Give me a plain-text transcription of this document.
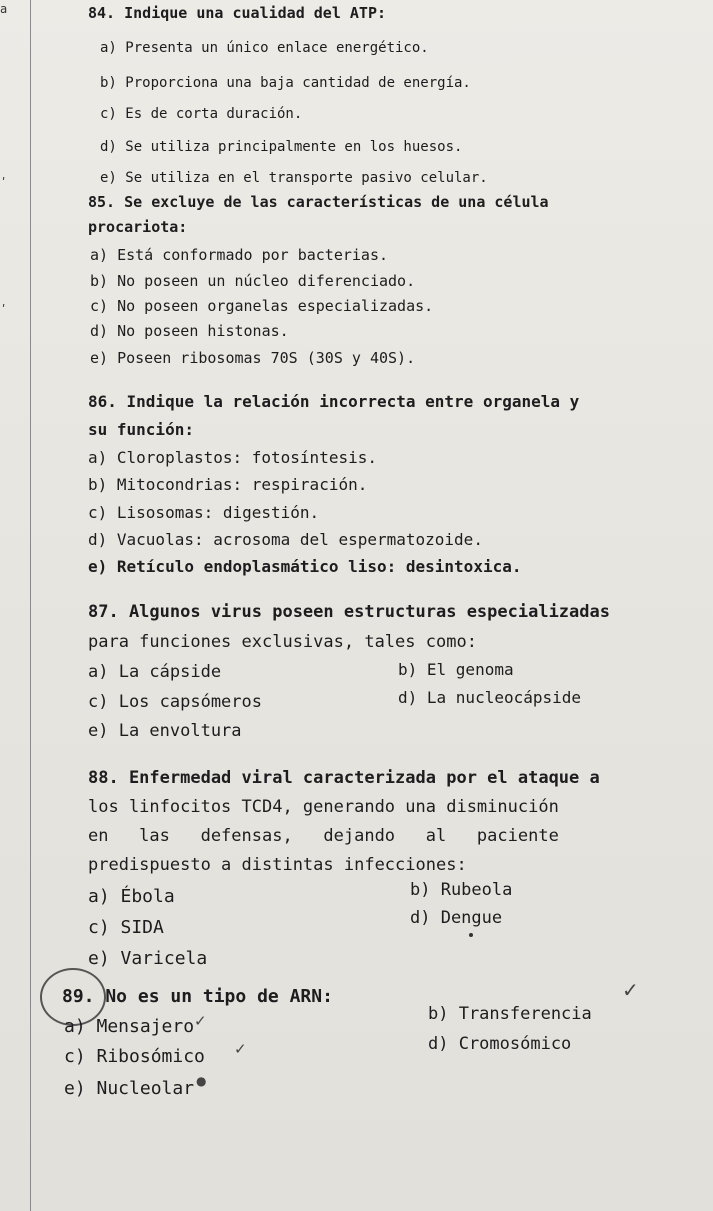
a
ʹ
ʹ
84. Indique una cualidad del ATP:
a) Presenta un único enlace energético.
b) Proporciona una baja cantidad de energía.
c) Es de corta duración.
d) Se utiliza principalmente en los huesos.
e) Se utiliza en el transporte pasivo celular.
85. Se excluye de las características de una célula
procariota:
a) Está conformado por bacterias.
b) No poseen un núcleo diferenciado.
c) No poseen organelas especializadas.
d) No poseen histonas.
e) Poseen ribosomas 70S (30S y 40S).
86. Indique la relación incorrecta entre organela y
su función:
a) Cloroplastos: fotosíntesis.
b) Mitocondrias: respiración.
c) Lisosomas: digestión.
d) Vacuolas: acrosoma del espermatozoide.
e) Retículo endoplasmático liso: desintoxica.
87. Algunos virus poseen estructuras especializadas
para funciones exclusivas, tales como:
a) La cápside	b) El genoma
c) Los capsómeros	d) La nucleocápside
e) La envoltura
88. Enfermedad viral caracterizada por el ataque a
los linfocitos TCD4, generando una disminución
en   las   defensas,   dejando   al   paciente
predispuesto a distintas infecciones:
a) Ébola	b) Rubeola
c) SIDA	d) Dengue
e) Varicela
89. No es un tipo de ARN:
a) Mensajero
b) Transferencia
c) Ribosómico
d) Cromosómico
e) Nucleolar
✓
✓
✓
●
